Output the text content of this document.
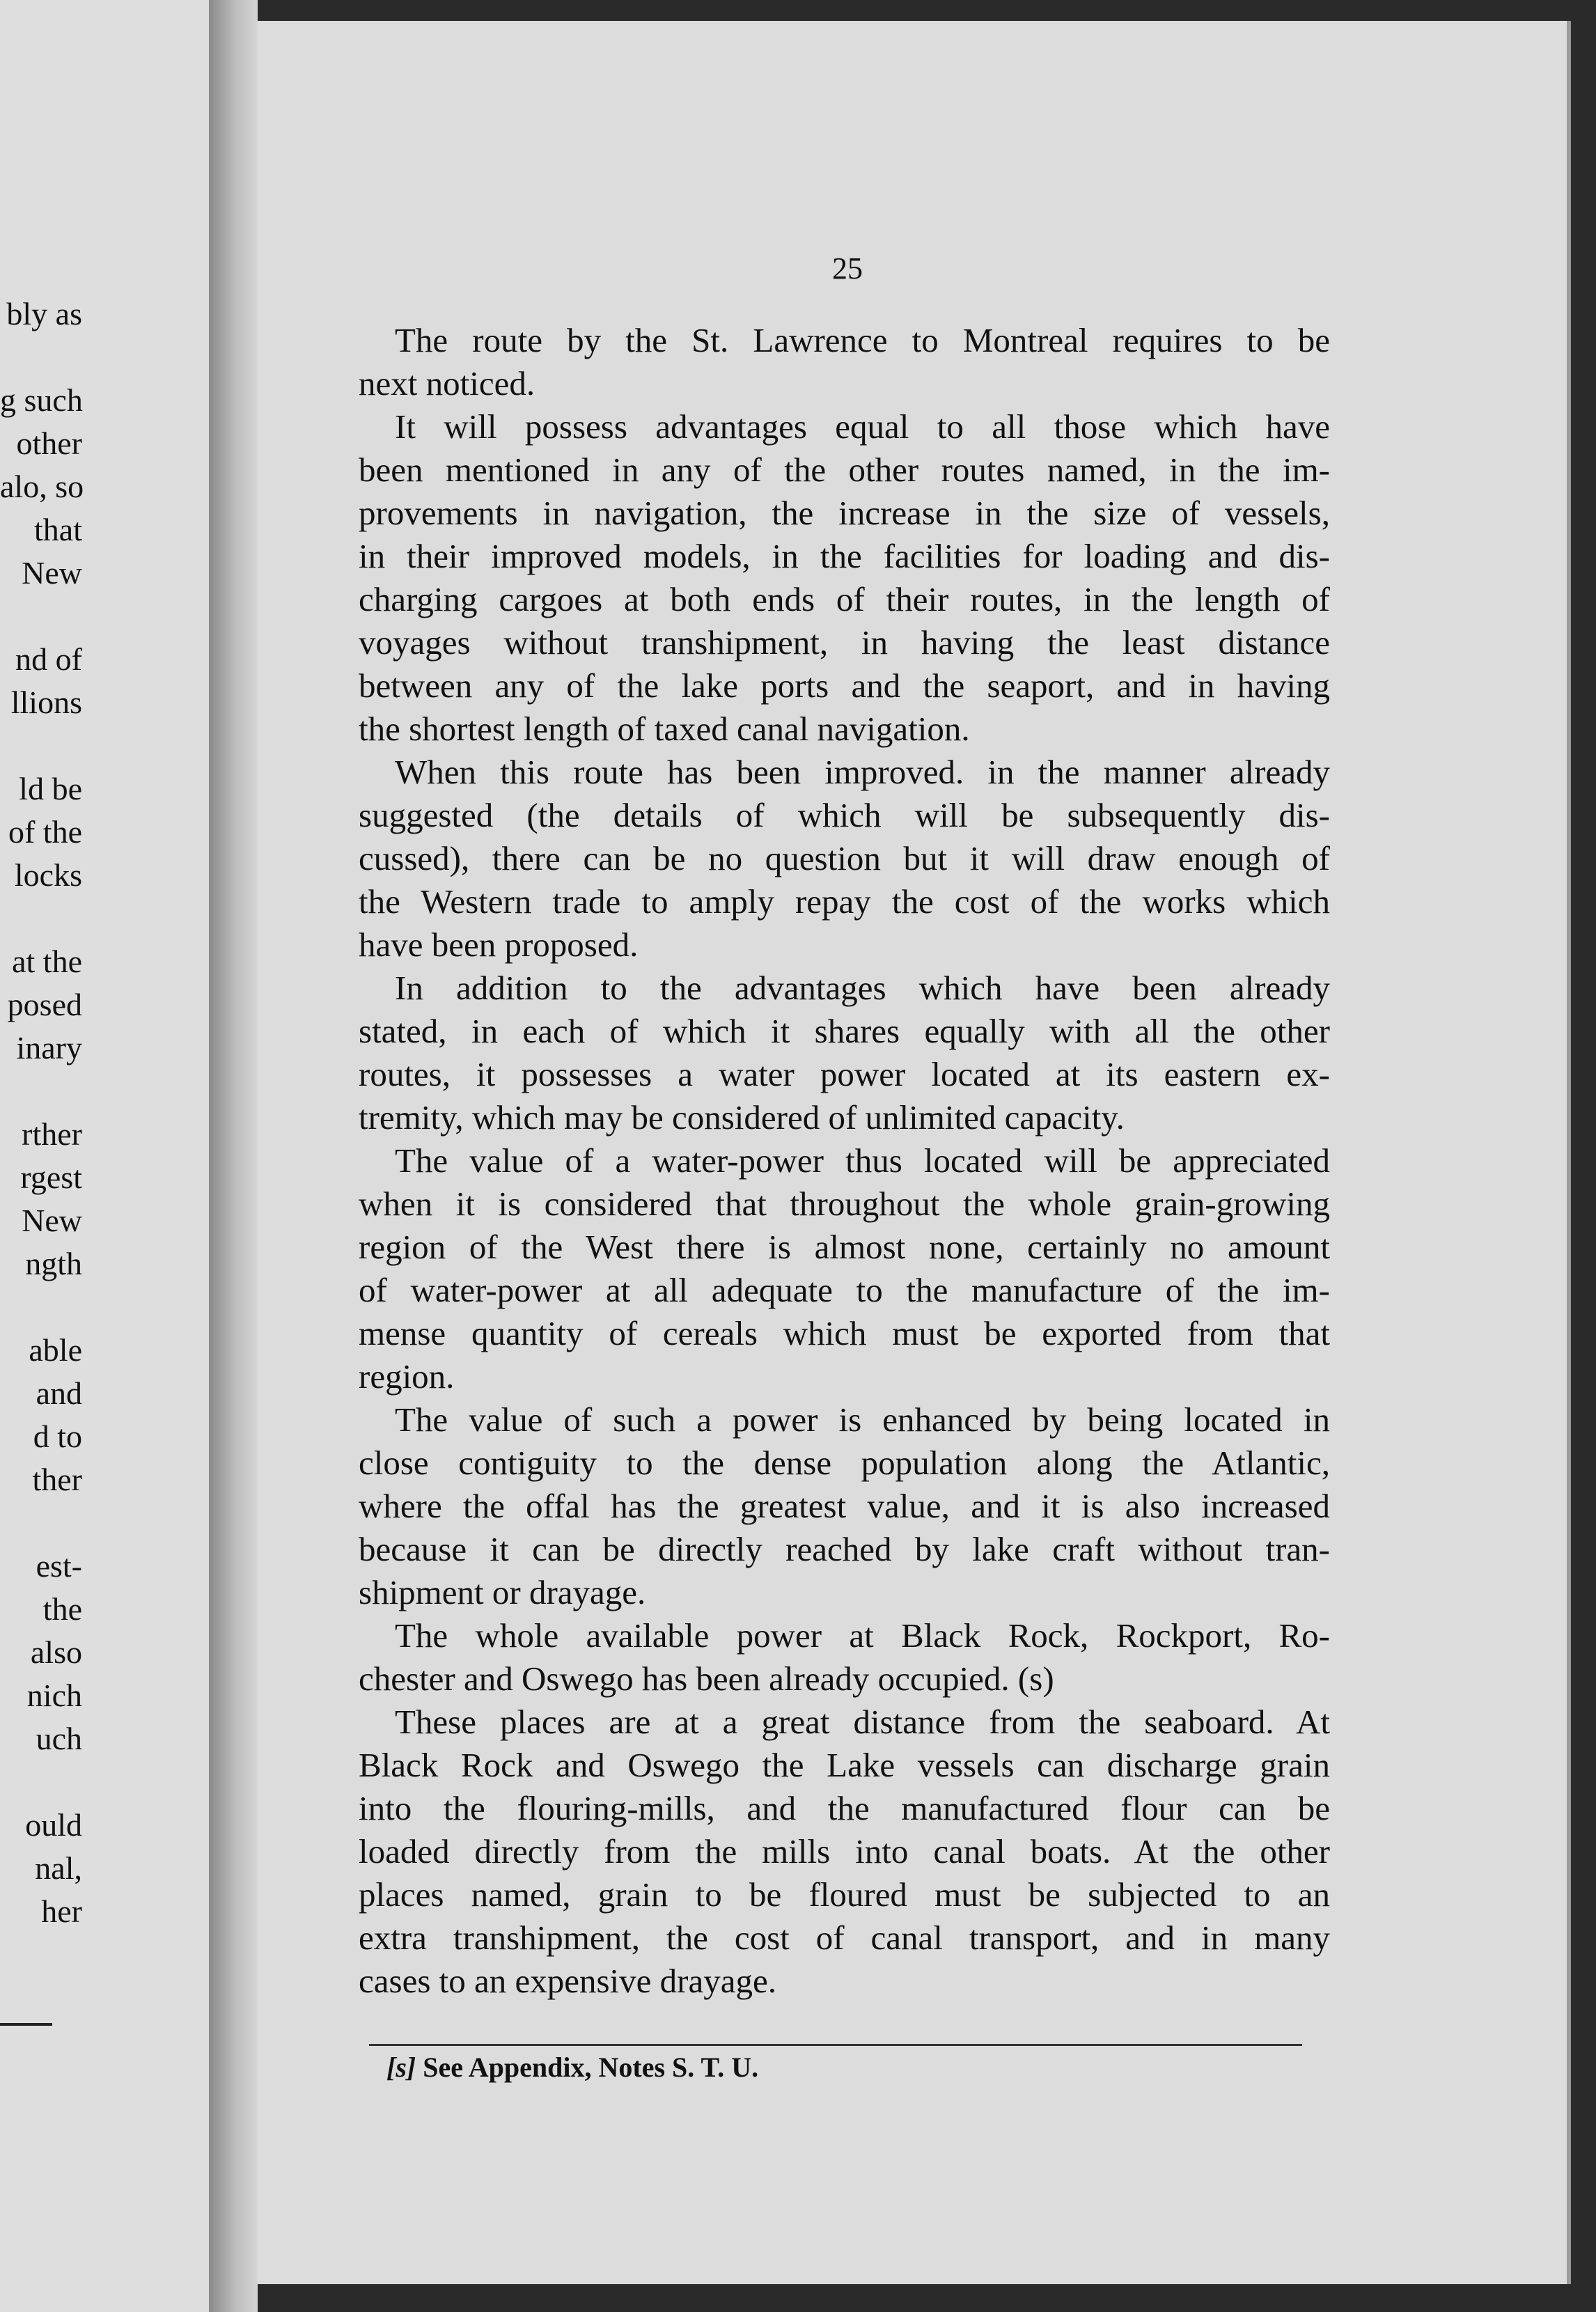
bly as
g such
other
alo, so
that
New
nd of
llions
ld be
of the
locks
at the
posed
inary
rther
rgest
New
ngth
able
and
d to
ther
est-
the
also
nich
uch
ould
nal,
her
25
The route by the St. Lawrence to Montreal requires to be
next noticed.
It will possess advantages equal to all those which have
been mentioned in any of the other routes named, in the im-
provements in navigation, the increase in the size of vessels,
in their improved models, in the facilities for loading and dis-
charging cargoes at both ends of their routes, in the length of
voyages without transhipment, in having the least distance
between any of the lake ports and the seaport, and in having
the shortest length of taxed canal navigation.
When this route has been improved. in the manner already
suggested (the details of which will be subsequently dis-
cussed), there can be no question but it will draw enough of
the Western trade to amply repay the cost of the works which
have been proposed.
In addition to the advantages which have been already
stated, in each of which it shares equally with all the other
routes, it possesses a water power located at its eastern ex-
tremity, which may be considered of unlimited capacity.
The value of a water-power thus located will be appreciated
when it is considered that throughout the whole grain-growing
region of the West there is almost none, certainly no amount
of water-power at all adequate to the manufacture of the im-
mense quantity of cereals which must be exported from that
region.
The value of such a power is enhanced by being located in
close contiguity to the dense population along the Atlantic,
where the offal has the greatest value, and it is also increased
because it can be directly reached by lake craft without tran-
shipment or drayage.
The whole available power at Black Rock, Rockport, Ro-
chester and Oswego has been already occupied. (s)
These places are at a great distance from the seaboard. At
Black Rock and Oswego the Lake vessels can discharge grain
into the flouring-mills, and the manufactured flour can be
loaded directly from the mills into canal boats. At the other
places named, grain to be floured must be subjected to an
extra transhipment, the cost of canal transport, and in many
cases to an expensive drayage.
[s] See Appendix, Notes S. T. U.
